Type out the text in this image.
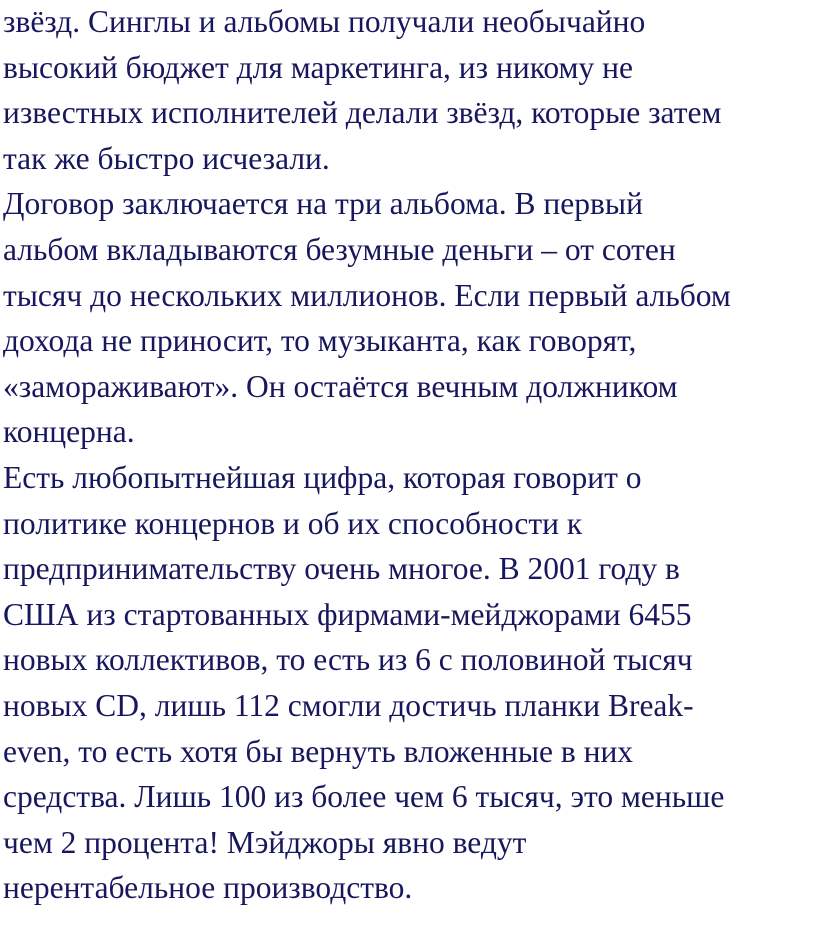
звёзд. Синглы и альбомы получали необычайно
высокий бюджет для маркетинга, из никому не
известных исполнителей делали звёзд, которые затем
так же быстро исчезали.
Договор заключается на три альбома. В первый
альбом вкладываются безумные деньги – от сотен
тысяч до нескольких миллионов. Если первый альбом
дохода не приносит, то музыканта, как говорят,
«замораживают». Он остаётся вечным должником
концерна.
Есть любопытнейшая цифра, которая говорит о
политике концернов и об их способности к
предпринимательству очень многое. В 2001 году в
США из стартованных фирмами-мейджорами 6455
новых коллективов, то есть из 6 с половиной тысяч
новых CD, лишь 112 смогли достичь планки Break-
even, то есть хотя бы вернуть вложенные в них
средства. Лишь 100 из более чем 6 тысяч, это меньше
чем 2 процента! Мэйджоры явно ведут
нерентабельное производство.
